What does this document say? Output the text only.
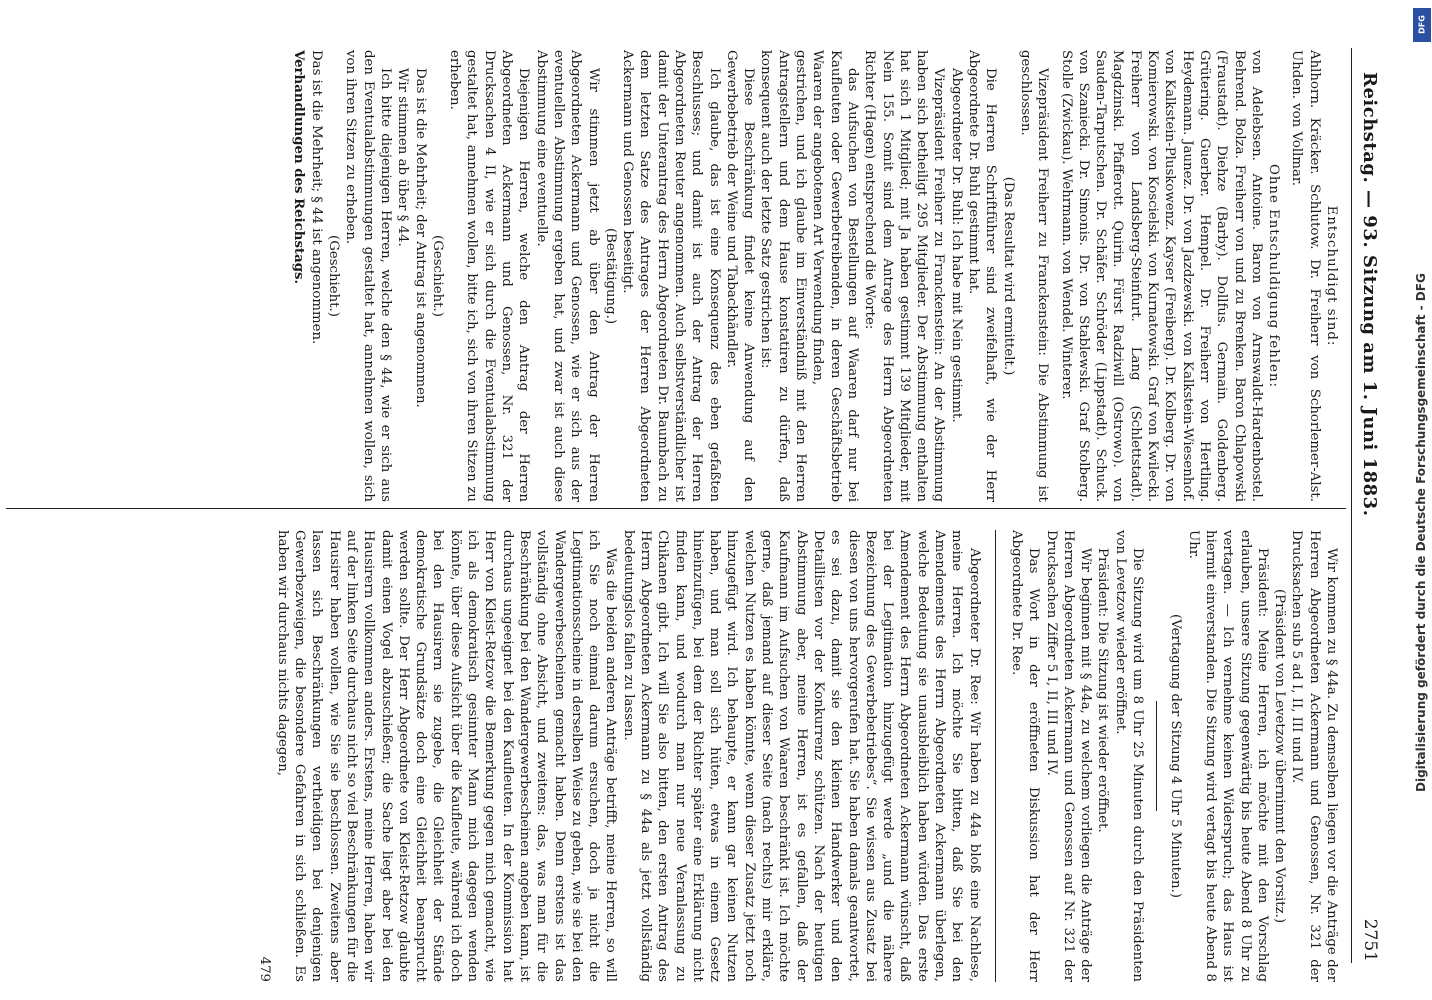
Reichstag. — 93. Sitzung am 1. Juni 1883.
2751

Entschuldigt sind:

Ahlhorn. Kräcker. Schlutow. Dr. Freiherr von Schorlemer-Alst. Uhden. von Vollmar.

Ohne Entschuldigung fehlen:

von Adelebsen. Antoine. Baron von Arnswaldt-Hardenbostel. Behrend. Bolza. Freiherr von und zu Brenken. Baron Chlapowski (Fraustadt). Diehze (Barby). Dollfus. Germain. Goldenberg. Grütering. Guerber. Hempel. Dr. Freiherr von Hertling. Heydemann. Jaunez. Dr. von Jazdzewski. von Kalkstein-Wiesenhof. von Kalkstein-Pluskowenz. Kayser (Freiberg). Dr. Kolberg. Dr. von Komierowski. von Koscielski. von Kurnatowski. Graf von Kwilecki. Freiherr von Landsberg-Steinfurt. Lang (Schlettstadt). Magdzinski. Pfafferott. Quirin. Fürst Radziwill (Ostrowo). von Sauden-Tarputschen. Dr. Schäfer. Schröder (Lippstadt). Schuck. von Szaniecki. Dr. Simonis. Dr. von Stablewski. Graf Stolberg. Stolle (Zwickau). Wehrmann. von Wendel. Winterer.

Vizepräsident Freiherr zu Franckenstein: Die Abstimmung ist geschlossen.

(Das Resultat wird ermittelt.)

Die Herren Schriftführer sind zweifelhaft, wie der Herr Abgeordnete Dr. Buhl gestimmt hat.

Abgeordneter Dr. Buhl: Ich habe mit Nein gestimmt.

Vizepräsident Freiherr zu Franckenstein: An der Abstimmung haben sich betheiligt 295 Mitglieder. Der Abstimmung enthalten hat sich 1 Mitglied; mit Ja haben gestimmt 139 Mitglieder, mit Nein 155. Somit sind dem Antrage des Herrn Abgeordneten Richter (Hagen) entsprechend die Worte:

das Aufsuchen von Bestellungen auf Waaren darf nur bei Kaufleuten oder Gewerbetreibenden, in deren Geschäftsbetrieb Waaren der angebotenen Art Verwendung finden,

gestrichen, und ich glaube im Einverständniß mit den Herren Antragstellern und dem Hause konstatiren zu dürfen, daß konsequent auch der letzte Satz gestrichen ist:

Diese Beschränkung findet keine Anwendung auf den Gewerbebetrieb der Weine und Tabackhändler.

Ich glaube, das ist eine Konsequenz des eben gefaßten Beschlusses; und damit ist auch der Antrag der Herren Abgeordneten Reuter angenommen. Auch selbstverständlicher ist damit der Unterantrag des Herrn Abgeordneten Dr. Baumbach zu dem letzten Satze des Antrages der Herren Abgeordneten Ackermann und Genossen beseitigt.

(Bestätigung.)

Wir stimmen jetzt ab über den Antrag der Herren Abgeordneten Ackermann und Genossen, wie er sich aus der eventuellen Abstimmung ergeben hat, und zwar ist auch diese Abstimmung eine eventuelle.

Diejenigen Herren, welche den Antrag der Herren Abgeordneten Ackermann und Genossen, Nr. 321 der Drucksachen 4 II, wie er sich durch die Eventualabstimmung gestaltet hat, annehmen wollen, bitte ich, sich von ihren Sitzen zu erheben.

(Geschieht.)

Das ist die Mehrheit; der Antrag ist angenommen.

Wir stimmen ab über § 44.

Ich bitte diejenigen Herren, welche den § 44, wie er sich aus den Eventualabstimmungen gestaltet hat, annehmen wollen, sich von ihren Sitzen zu erheben.

(Geschieht.)

Das ist die Mehrheit; § 44 ist angenommen.

Verhandlungen des Reichstags.

Wir kommen zu § 44a. Zu demselben liegen vor die Anträge der Herren Abgeordneten Ackermann und Genossen, Nr. 321 der Drucksachen sub 5 ad I, II, III und IV.

(Präsident von Levetzow übernimmt den Vorsitz.)

Präsident: Meine Herren, ich möchte mit den Vorschlag erlauben, unsere Sitzung gegenwärtig bis heute Abend 8 Uhr zu vertagen. — Ich vernehme keinen Widerspruch; das Haus ist hiermit einverstanden. Die Sitzung wird vertagt bis heute Abend 8 Uhr.

(Vertagung der Sitzung 4 Uhr 5 Minuten.)

Die Sitzung wird um 8 Uhr 25 Minuten durch den Präsidenten von Levetzow wieder eröffnet.

Präsident: Die Sitzung ist wieder eröffnet.

Wir beginnen mit § 44a, zu welchem vorliegen die Anträge der Herren Abgeordneten Ackermann und Genossen auf Nr. 321 der Drucksachen Ziffer 5 I, II, III und IV.

Das Wort in der eröffneten Diskussion hat der Herr Abgeordnete Dr. Ree.

Abgeordneter Dr. Ree: Wir haben zu 44a bloß eine Nachlese, meine Herren. Ich möchte Sie bitten, daß Sie bei den Amendements des Herrn Abgeordneten Ackermann überlegen, welche Bedeutung sie unausbleiblich haben würden. Das erste Amendement des Herrn Abgeordneten Ackermann wünscht, daß bei der Legitimation hinzugefügt werde „und die nähere Bezeichnung des Gewerbebetriebes“. Sie wissen aus Zusatz bei diesen von uns hervorgerufen hat. Sie haben damals geantwortet, es sei dazu, damit sie den kleinen Handwerker und den Detaillisten vor der Konkurrenz schützen. Nach der heutigen Abstimmung aber, meine Herren, ist es gefallen, daß der Kaufmann im Aufsuchen von Waaren beschränkt ist. Ich möchte gerne, daß jemand auf dieser Seite (nach rechts) mir erkläre, welchen Nutzen es haben könnte, wenn dieser Zusatz jetzt noch hinzugefügt wird. Ich behaupte, er kann gar keinen Nutzen haben, und man soll sich hüten, etwas in einem Gesetz hineinzufügen, bei dem der Richter später eine Erklärung nicht finden kann, und wodurch man nur neue Veranlassung zu Chikanen gibt. Ich will Sie also bitten, den ersten Antrag des Herrn Abgeordneten Ackermann zu § 44a als jetzt vollständig bedeutungslos fallen zu lassen.

Was die beiden anderen Anträge betrifft, meine Herren, so will ich Sie noch einmal darum ersuchen, doch ja nicht die Legitimationsscheine in derselben Weise zu geben, wie sie bei den Wandergewerbescheinen gemacht haben. Denn erstens ist das vollständig ohne Absicht, und zweitens: das, was man für die Beschränkung bei den Wandergewerbescheinen angeben kann, ist durchaus ungeeignet bei den Kaufleuten. In der Kommission hat Herr von Kleist-Retzow die Bemerkung gegen mich gemacht, wie ich als demokratisch gesinnter Mann mich dagegen wenden könnte, über diese Aufsicht über die Kaufleute, während ich doch bei den Hausirern sie zugebe, die Gleichheit der Stände demokratische Grundsätze doch eine Gleichheit beansprucht werden sollte. Der Herr Abgeordnete von Kleist-Retzow glaubte damit einen Vogel abzuschießen; die Sache liegt aber bei den Hausirern vollkommen anders. Erstens, meine Herren, haben wir auf der linken Seite durchaus nicht so viel Beschränkungen für die Hausirer haben wollen, wie Sie sie beschlossen. Zweitens aber lassen sich Beschränkungen vertheidigen bei denjenigen Gewerbezweigen, die besondere Gefahren in sich schließen. Es haben wir durchaus nichts dagegen,

479

Digitalisierung gefördert durch die Deutsche Forschungsgemeinschaft - DFG
DFG
